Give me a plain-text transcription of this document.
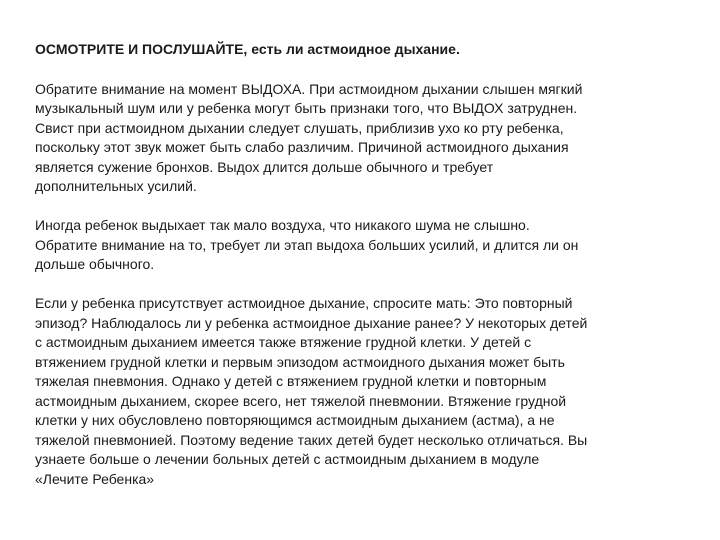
ОСМОТРИТЕ И ПОСЛУШАЙТЕ, есть ли астмоидное дыхание.

Обратите внимание на момент ВЫДОХА. При астмоидном дыхании слышен мягкий
музыкальный шум или у ребенка могут быть признаки того, что ВЫДОХ затруднен.
Свист при астмоидном дыхании следует слушать, приблизив ухо ко рту ребенка,
поскольку этот звук может быть слабо различим. Причиной астмоидного дыхания
является сужение бронхов. Выдох длится дольше обычного и требует
дополнительных усилий.

Иногда ребенок выдыхает так мало воздуха, что никакого шума не слышно.
Обратите внимание на то, требует ли этап выдоха больших усилий, и длится ли он
дольше обычного.

Если у ребенка присутствует астмоидное дыхание, спросите мать: Это повторный
эпизод? Наблюдалось ли у ребенка астмоидное дыхание ранее? У некоторых детей
с астмоидным дыханием имеется также втяжение грудной клетки. У детей с
втяжением грудной клетки и первым эпизодом астмоидного дыхания может быть
тяжелая пневмония. Однако у детей с втяжением грудной клетки и повторным
астмоидным дыханием, скорее всего, нет тяжелой пневмонии. Втяжение грудной
клетки у них обусловлено повторяющимся астмоидным дыханием (астма), а не
тяжелой пневмонией. Поэтому ведение таких детей будет несколько отличаться. Вы
узнаете больше о лечении больных детей с астмоидным дыханием в модуле
«Лечите Ребенка»
